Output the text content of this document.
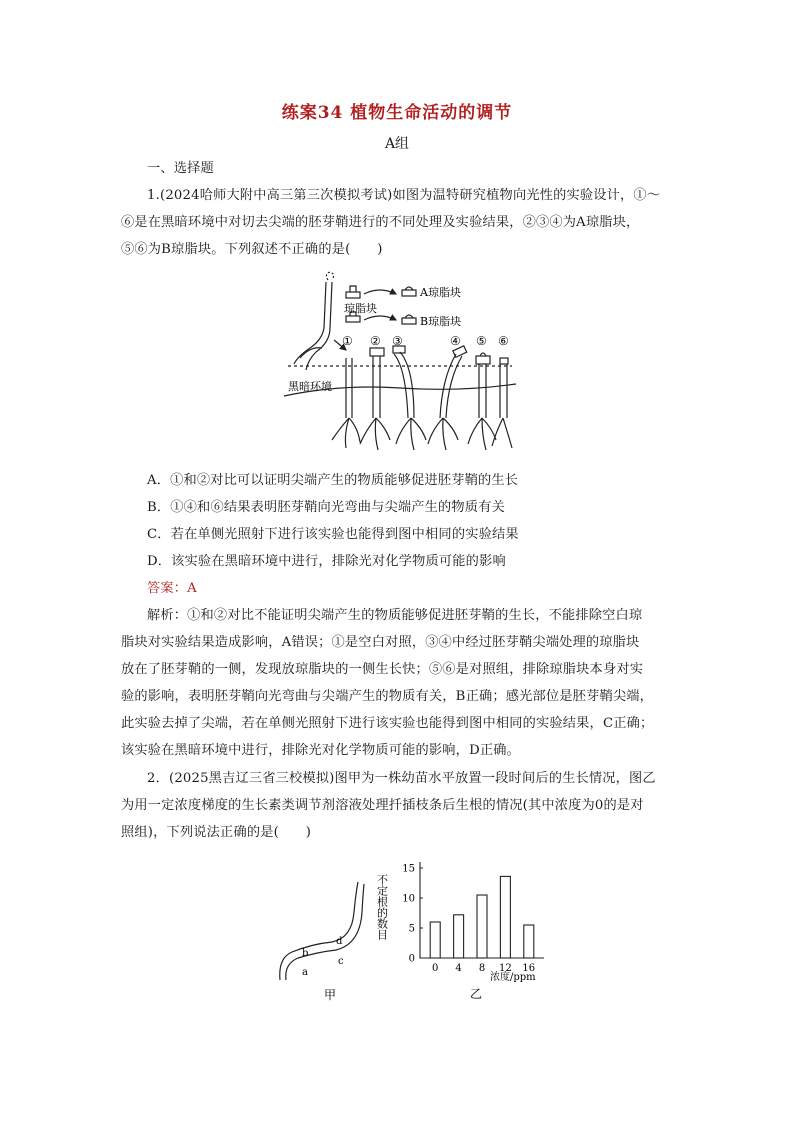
练案34 植物生命活动的调节
A组
一、选择题
1.(2024哈师大附中高三第三次模拟考试)如图为温特研究植物向光性的实验设计，①～
⑥是在黑暗环境中对切去尖端的胚芽鞘进行的不同处理及实验结果，②③④为A琼脂块，
⑤⑥为B琼脂块。下列叙述不正确的是(　　)
琼脂块
A琼脂块
B琼脂块
黑暗环境
① ② ③	④ ⑤ ⑥
A．①和②对比可以证明尖端产生的物质能够促进胚芽鞘的生长
B．①④和⑥结果表明胚芽鞘向光弯曲与尖端产生的物质有关
C．若在单侧光照射下进行该实验也能得到图中相同的实验结果
D．该实验在黑暗环境中进行，排除光对化学物质可能的影响
答案：A
解析：①和②对比不能证明尖端产生的物质能够促进胚芽鞘的生长，不能排除空白琼
脂块对实验结果造成影响，A错误；①是空白对照，③④中经过胚芽鞘尖端处理的琼脂块
放在了胚芽鞘的一侧，发现放琼脂块的一侧生长快；⑤⑥是对照组，排除琼脂块本身对实
验的影响，表明胚芽鞘向光弯曲与尖端产生的物质有关，B正确；感光部位是胚芽鞘尖端，
此实验去掉了尖端，若在单侧光照射下进行该实验也能得到图中相同的实验结果，C正确；
该实验在黑暗环境中进行，排除光对化学物质可能的影响，D正确。
2．(2025黑吉辽三省三校模拟)图甲为一株幼苗水平放置一段时间后的生长情况，图乙
为用一定浓度梯度的生长素类调节剂溶液处理扦插枝条后生根的情况(其中浓度为0的是对
照组)，下列说法正确的是(　　)
b
a
d
c
甲
0
5
10
15
0 4 8 12 16
不定根的数目
浓度/ppm
乙
